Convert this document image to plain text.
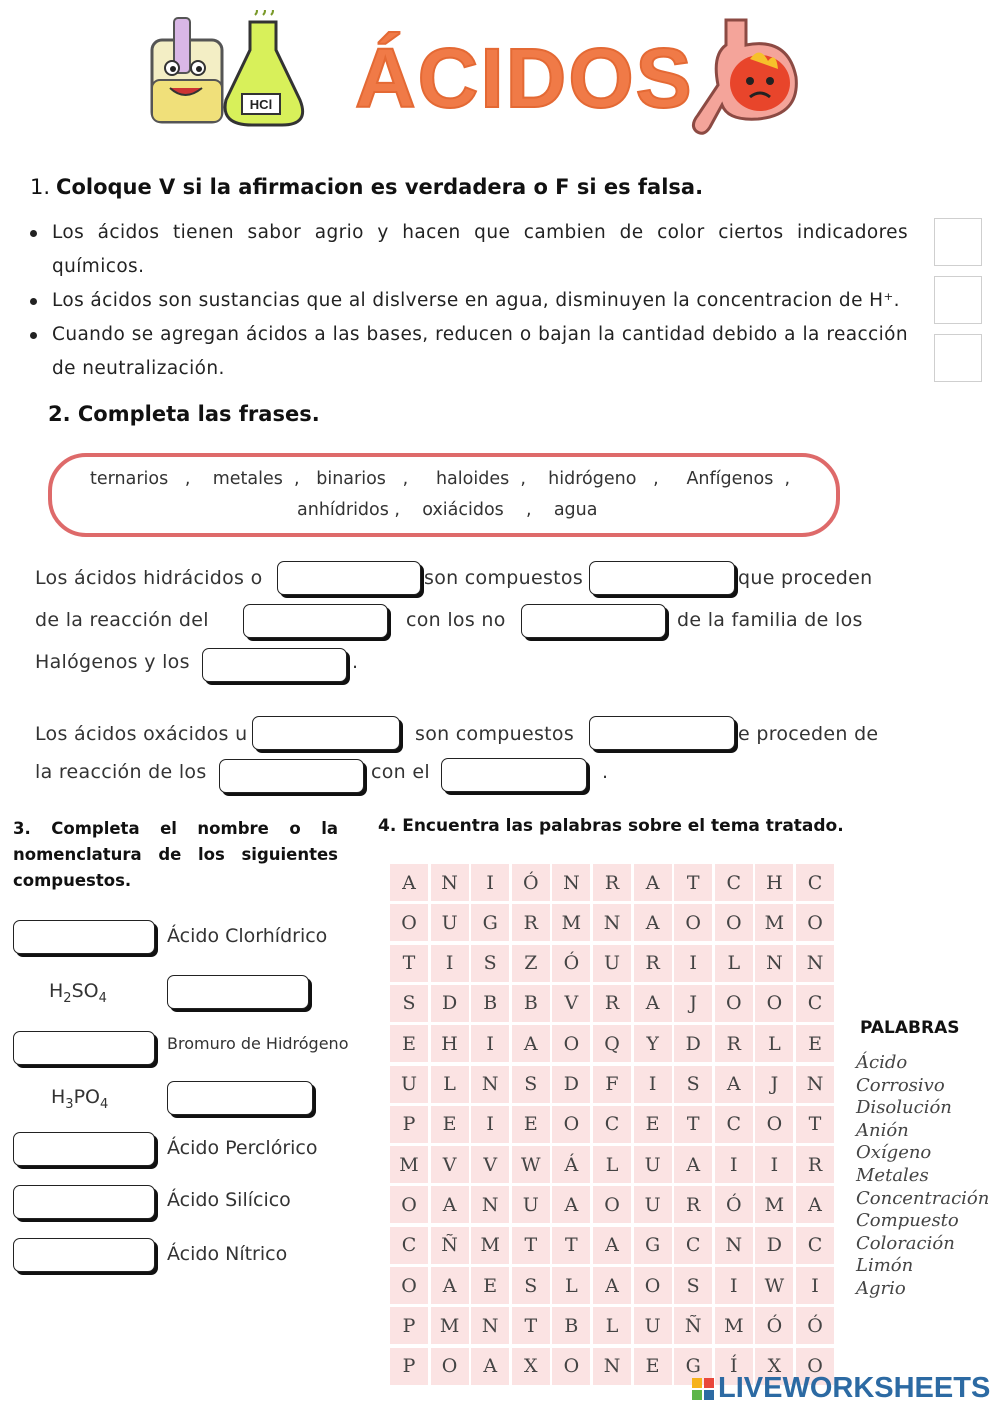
HCl ÁCIDOS
1. Coloque V si la afirmacion es verdadera o F si es falsa.
Los ácidos tienen sabor agrio y hacen que cambien de color ciertos indicadores químicos.
Los ácidos son sustancias que al dislverse en agua, disminuyen la concentracion de H⁺.
Cuando se agregan ácidos a las bases, reducen o bajan la cantidad debido a la reacción de neutralización.
2. Completa las frases.
ternarios   ,    metales  ,   binarios   ,     haloides  ,    hidrógeno   ,     Anfígenos  ,
anhídridos ,    oxiácidos    ,    agua
Los ácidos hidrácidos o	son compuestos	que proceden
de la reacción del	con los no	de la familia de los
Halógenos y los	.
Los ácidos oxácidos u	son compuestos	e proceden de
la reacción de los	con el	.
3. Completa el nombre o la nomenclatura de los siguientes compuestos.
Ácido Clorhídrico
$H_2SO_4$
Bromuro de Hidrógeno
$H_3PO_4$
Ácido Perclórico
Ácido Silícico
Ácido Nítrico
4. Encuentra las palabras sobre el tema tratado.
A	N	I	Ó	N	R	A	T	C	H	C
O	U	G	R	M	N	A	O	O	M	O
T	I	S	Z	Ó	U	R	I	L	N	N
S	D	B	B	V	R	A	J	O	O	C
E	H	I	A	O	Q	Y	D	R	L	E
U	L	N	S	D	F	I	S	A	J	N
P	E	I	E	O	C	E	T	C	O	T
M	V	V	W	Á	L	U	A	I	I	R
O	A	N	U	A	O	U	R	Ó	M	A
C	Ñ	M	T	T	A	G	C	N	D	C
O	A	E	S	L	A	O	S	I	W	I
P	M	N	T	B	L	U	Ñ	M	Ó	Ó
P	O	A	X	O	N	E	G	Í	X	O
PALABRAS
Ácido
Corrosivo
Disolución
Anión
Oxígeno
Metales
Concentración
Compuesto
Coloración
Limón
Agrio
LIVEWORKSHEETS
